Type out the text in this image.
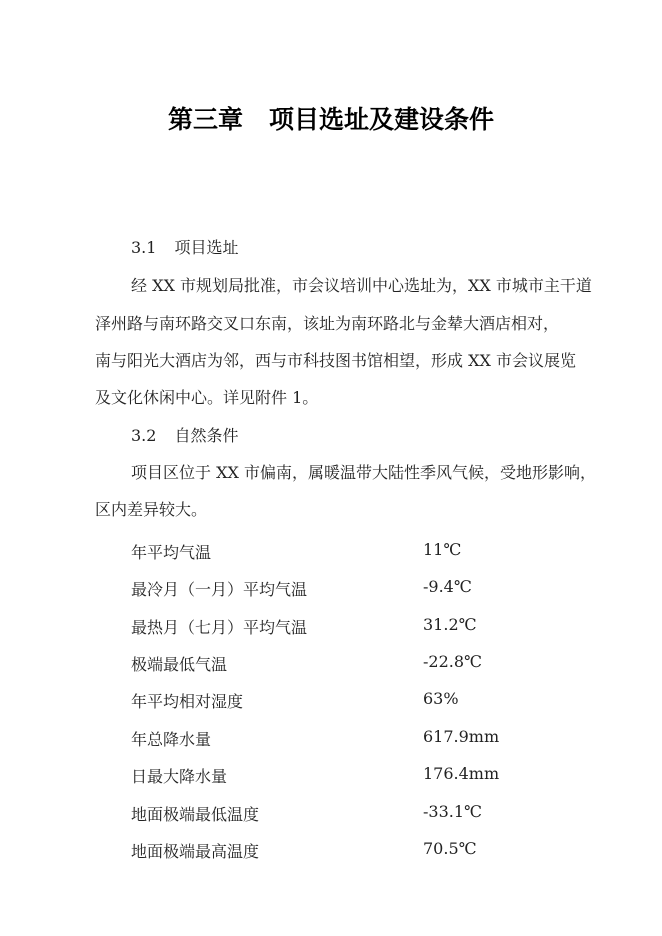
第三章 项目选址及建设条件
3.1 项目选址
经 XX 市规划局批准，市会议培训中心选址为，XX 市城市主干道
泽州路与南环路交叉口东南，该址为南环路北与金辇大酒店相对，
南与阳光大酒店为邻，西与市科技图书馆相望，形成 XX 市会议展览
及文化休闲中心。详见附件 1。
3.2 自然条件
项目区位于 XX 市偏南，属暖温带大陆性季风气候，受地形影响，
区内差异较大。
年平均气温	11℃
最冷月（一月）平均气温	-9.4℃
最热月（七月）平均气温	31.2℃
极端最低气温	-22.8℃
年平均相对湿度	63%
年总降水量	617.9mm
日最大降水量	176.4mm
地面极端最低温度	-33.1℃
地面极端最高温度	70.5℃
